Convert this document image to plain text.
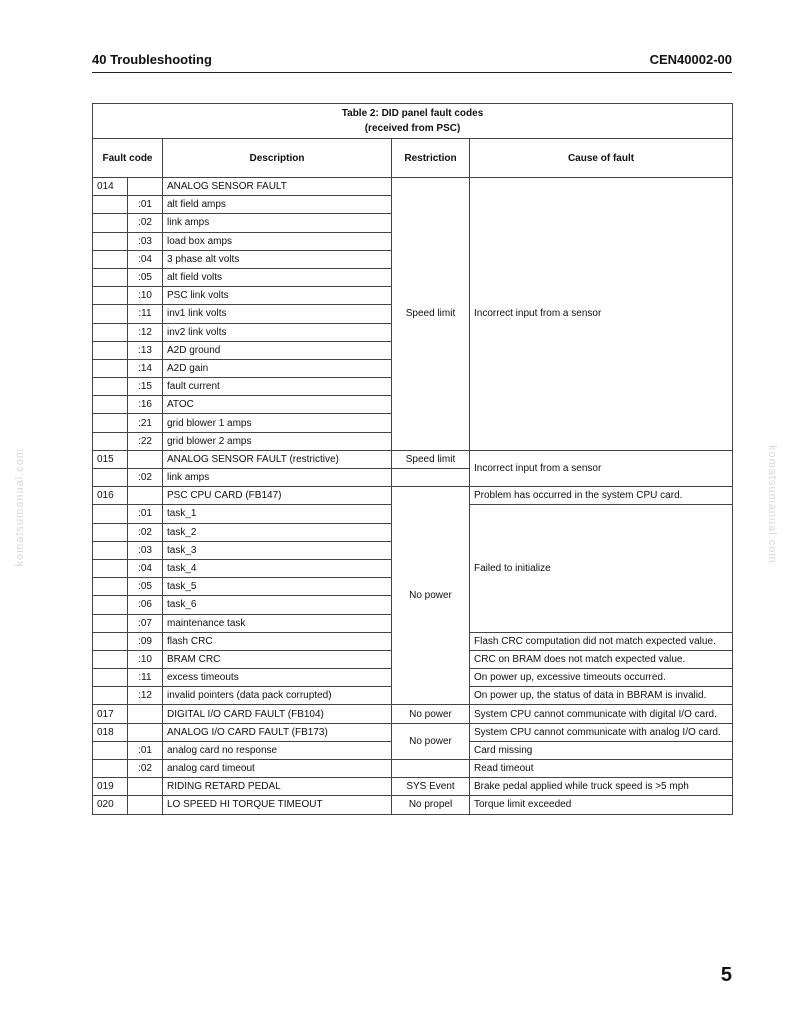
40 Troubleshooting	CEN40002-00
Table 2: DID panel fault codes
(received from PSC)				

Fault code		Description	Restriction	Cause of fault
014		ANALOG SENSOR FAULT	Speed limit	Incorrect input from a sensor
	:01	alt field amps		
	:02	link amps		
	:03	load box amps		
	:04	3 phase alt volts		
	:05	alt field volts		
	:10	PSC link volts		
	:11	inv1 link volts		
	:12	inv2 link volts		
	:13	A2D ground		
	:14	A2D gain		
	:15	fault current		
	:16	ATOC		
	:21	grid blower 1 amps		
	:22	grid blower 2 amps		
015		ANALOG SENSOR FAULT (restrictive)	Speed limit	Incorrect input from a sensor
	:02	link amps		
016		PSC CPU CARD (FB147)	No power	Problem has occurred in the system CPU card.
	:01	task_1		Failed to initialize
	:02	task_2		
	:03	task_3		
	:04	task_4		
	:05	task_5		
	:06	task_6		
	:07	maintenance task		
	:09	flash CRC		Flash CRC computation did not match expected value.
	:10	BRAM CRC		CRC on BRAM does not match expected value.
	:11	excess timeouts		On power up, excessive timeouts occurred.
	:12	invalid pointers (data pack corrupted)		On power up, the status of data in BBRAM is invalid.
017		DIGITAL I/O CARD FAULT (FB104)	No power	System CPU cannot communicate with digital I/O card.
018		ANALOG I/O CARD FAULT (FB173)	No power	System CPU cannot communicate with analog I/O card.
	:01	analog card no response		Card missing
	:02	analog card timeout		Read timeout
019		RIDING RETARD PEDAL	SYS Event	Brake pedal applied while truck speed is >5 mph
020		LO SPEED HI TORQUE TIMEOUT	No propel	Torque limit exceeded
komatsumanual.com	komatsumanual.com
5
